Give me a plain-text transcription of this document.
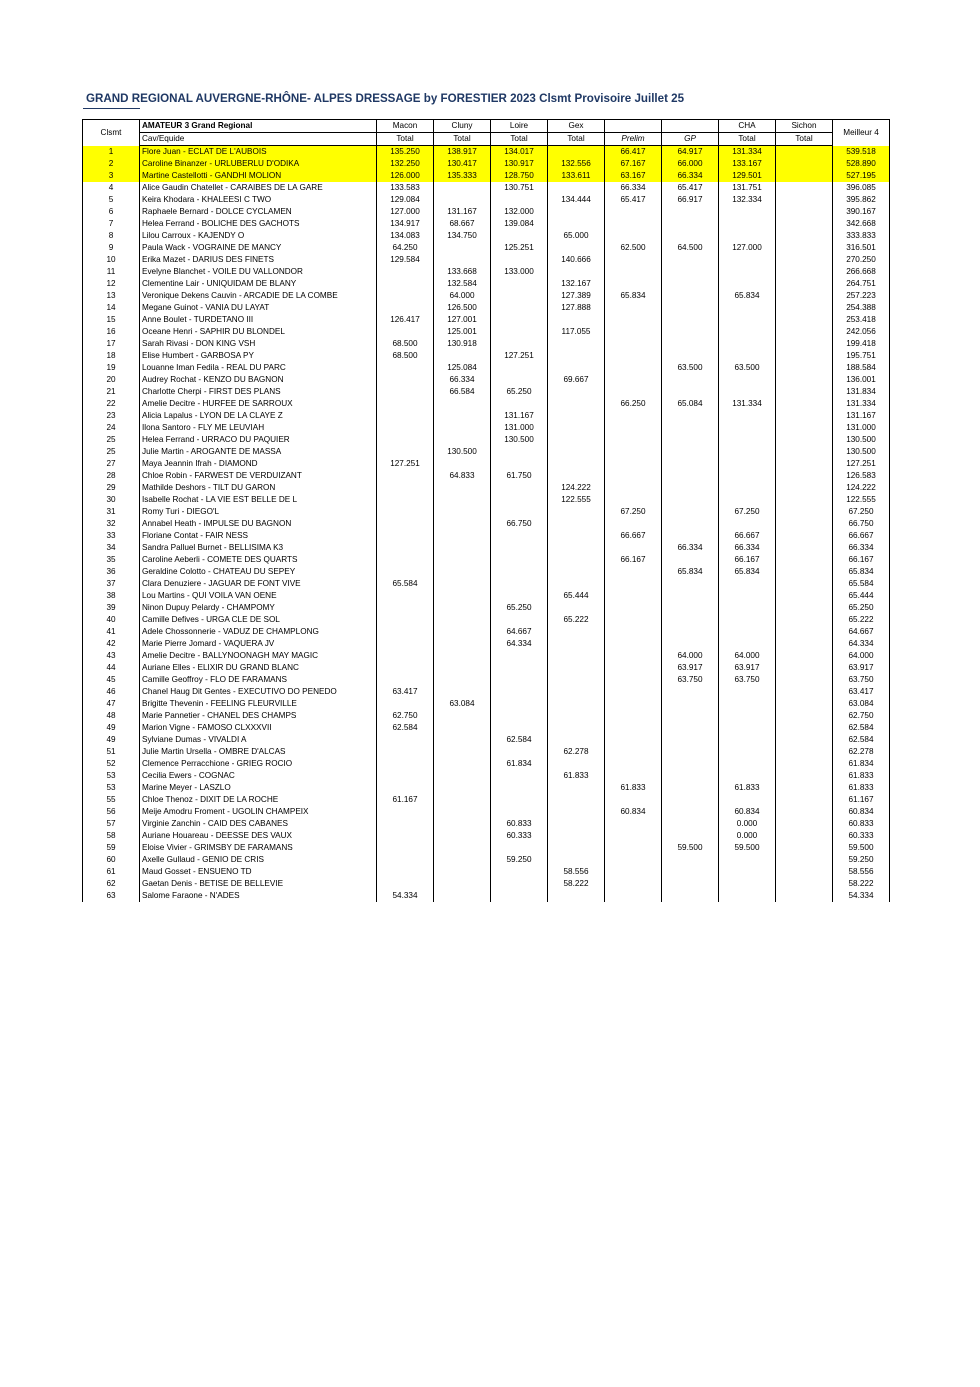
GRAND REGIONAL AUVERGNE-RHÔNE- ALPES DRESSAGE by FORESTIER 2023 Clsmt Provisoire Juillet 25
Clsmt	AMATEUR 3 Grand Regional	Macon	Cluny	Loire	Gex			CHA	Sichon	Meilleur 4
	Cav/Equide	Total	Total	Total	Total	Prelim	GP	Total	Total	
1	Flore Juan - ECLAT DE L'AUBOIS	135.250	138.917	134.017		66.417	64.917	131.334		539.518
2	Caroline Binanzer - URLUBERLU D'ODIKA	132.250	130.417	130.917	132.556	67.167	66.000	133.167		528.890
3	Martine Castellotti - GANDHI MOLION	126.000	135.333	128.750	133.611	63.167	66.334	129.501		527.195
4	Alice Gaudin Chatellet - CARAIBES DE LA GARE	133.583		130.751		66.334	65.417	131.751		396.085
5	Keira Khodara - KHALEESI C TWO	129.084			134.444	65.417	66.917	132.334		395.862
6	Raphaele Bernard - DOLCE CYCLAMEN	127.000	131.167	132.000						390.167
7	Helea Ferrand - BOLICHE DES GACHOTS	134.917	68.667	139.084						342.668
8	Lilou Carroux - KAJENDY O	134.083	134.750		65.000					333.833
9	Paula Wack - VOGRAINE DE MANCY	64.250		125.251		62.500	64.500	127.000		316.501
10	Erika Mazet - DARIUS DES FINETS	129.584			140.666					270.250
11	Evelyne Blanchet - VOILE DU VALLONDOR		133.668	133.000						266.668
12	Clementine Lair - UNIQUIDAM DE BLANY		132.584		132.167					264.751
13	Veronique Dekens Cauvin - ARCADIE DE LA COMBE		64.000		127.389	65.834		65.834		257.223
14	Megane Guinot - VANIA DU LAYAT		126.500		127.888					254.388
15	Anne Boulet - TURDETANO III	126.417	127.001							253.418
16	Oceane Henri - SAPHIR DU BLONDEL		125.001		117.055					242.056
17	Sarah Rivasi - DON KING VSH	68.500	130.918							199.418
18	Elise Humbert - GARBOSA PY	68.500		127.251						195.751
19	Louanne Iman Fedila - REAL DU PARC		125.084				63.500	63.500		188.584
20	Audrey Rochat - KENZO DU BAGNON		66.334		69.667					136.001
21	Charlotte Cherpi - FIRST DES PLANS		66.584	65.250						131.834
22	Amelie Decitre - HURFEE DE SARROUX					66.250	65.084	131.334		131.334
23	Alicia Lapalus - LYON DE LA CLAYE Z			131.167						131.167
24	Ilona Santoro - FLY ME LEUVIAH			131.000						131.000
25	Helea Ferrand - URRACO DU PAQUIER			130.500						130.500
25	Julie Martin - AROGANTE DE MASSA		130.500							130.500
27	Maya Jeannin Ifrah - DIAMOND	127.251								127.251
28	Chloe Robin - FARWEST DE VERDUIZANT		64.833	61.750						126.583
29	Mathilde Deshors - TILT DU GARON				124.222					124.222
30	Isabelle Rochat - LA VIE EST BELLE DE L				122.555					122.555
31	Romy Turi - DIEGO'L					67.250		67.250		67.250
32	Annabel Heath - IMPULSE DU BAGNON			66.750						66.750
33	Floriane Contat - FAIR NESS					66.667		66.667		66.667
34	Sandra Palluel Burnet - BELLISIMA K3						66.334	66.334		66.334
35	Caroline Aeberli - COMETE DES QUARTS					66.167		66.167		66.167
36	Geraldine Colotto - CHATEAU DU SEPEY						65.834	65.834		65.834
37	Clara Denuziere - JAGUAR DE FONT VIVE	65.584								65.584
38	Lou Martins - QUI VOILA VAN OENE				65.444					65.444
39	Ninon Dupuy Pelardy - CHAMPOMY			65.250						65.250
40	Camille Defives - URGA CLE DE SOL				65.222					65.222
41	Adele Chossonnerie - VADUZ DE CHAMPLONG			64.667						64.667
42	Marie Pierre Jomard - VAQUERA JV			64.334						64.334
43	Amelie Decitre - BALLYNOONAGH MAY MAGIC						64.000	64.000		64.000
44	Auriane Elles - ELIXIR DU GRAND BLANC						63.917	63.917		63.917
45	Camille Geoffroy - FLO DE FARAMANS						63.750	63.750		63.750
46	Chanel Haug Dit Gentes - EXECUTIVO DO PENEDO	63.417								63.417
47	Brigitte Thevenin - FEELING FLEURVILLE		63.084							63.084
48	Marie Pannetier - CHANEL DES CHAMPS	62.750								62.750
49	Marion Vigne - FAMOSO CLXXXVII	62.584								62.584
49	Sylviane Dumas - VIVALDI A			62.584						62.584
51	Julie Martin Ursella - OMBRE D'ALCAS				62.278					62.278
52	Clemence Perracchione - GRIEG ROCIO			61.834						61.834
53	Cecilia Ewers - COGNAC				61.833					61.833
53	Marine Meyer - LASZLO					61.833		61.833		61.833
55	Chloe Thenoz - DIXIT DE LA ROCHE	61.167								61.167
56	Meije Amodru Froment - UGOLIN CHAMPEIX					60.834		60.834		60.834
57	Virginie Zanchin - CAID DES CABANES			60.833				0.000		60.833
58	Auriane Houareau - DEESSE DES VAUX			60.333				0.000		60.333
59	Eloise Vivier - GRIMSBY DE FARAMANS						59.500	59.500		59.500
60	Axelle Gullaud - GENIO DE CRIS			59.250						59.250
61	Maud Gosset - ENSUENO TD				58.556					58.556
62	Gaetan Denis - BETISE DE BELLEVIE				58.222					58.222
63	Salome Faraone - N'ADES	54.334								54.334
